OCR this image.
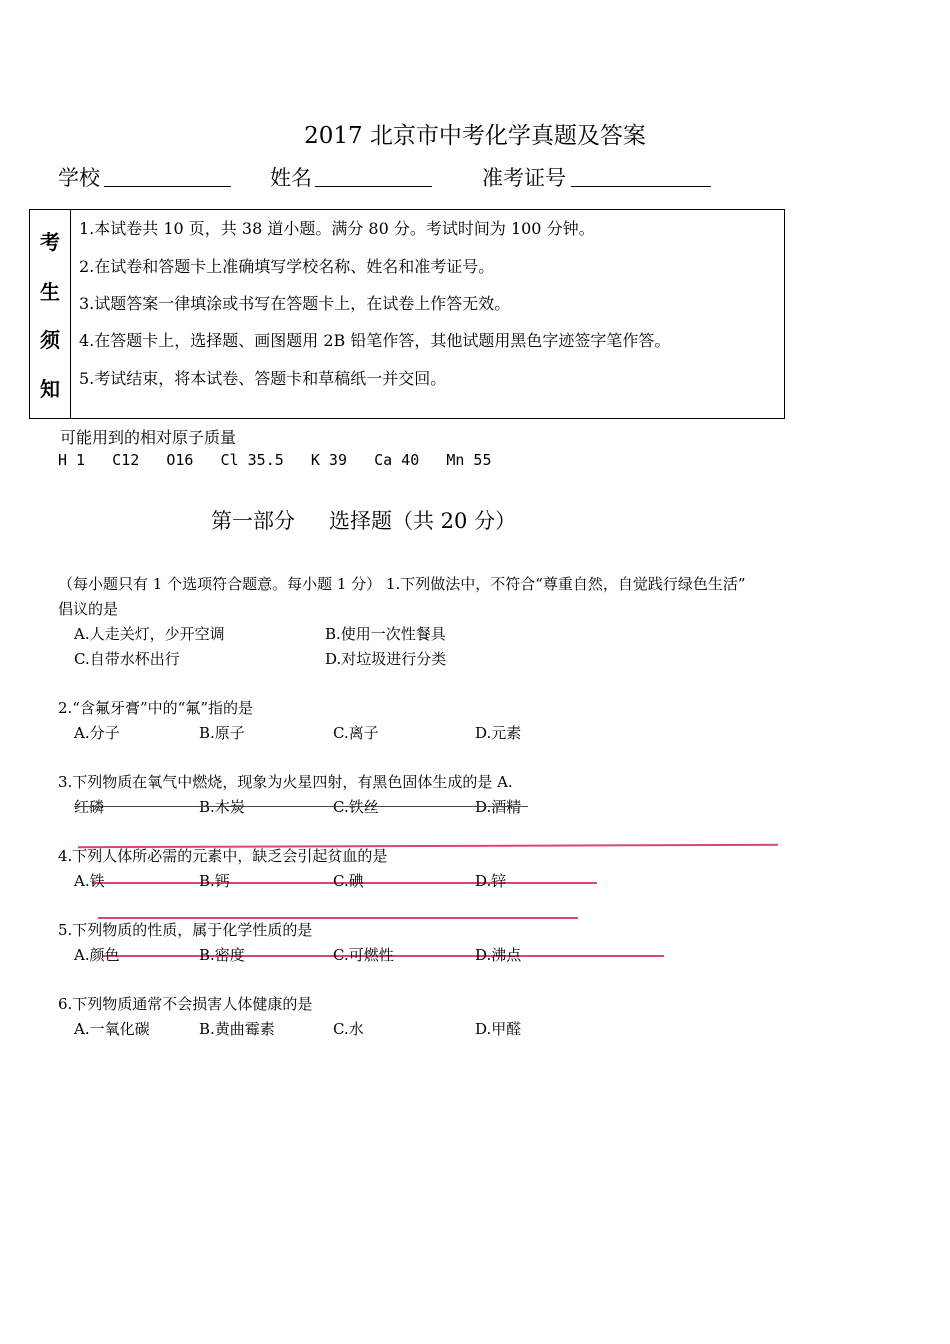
2017 北京市中考化学真题及答案
学校	姓名	准考证号
考
生
须
知
1.本试卷共 10 页，共 38 道小题。满分 80 分。考试时间为 100 分钟。
2.在试卷和答题卡上准确填写学校名称、姓名和准考证号。
3.试题答案一律填涂或书写在答题卡上，在试卷上作答无效。
4.在答题卡上，选择题、画图题用 2B 铅笔作答，其他试题用黑色字迹签字笔作答。
5.考试结束，将本试卷、答题卡和草稿纸一并交回。
可能用到的相对原子质量
H 1   C12   O16   Cl 35.5   K 39   Ca 40   Mn 55
第一部分 选择题（共 20 分）
（每小题只有 1 个选项符合题意。每小题 1 分） 1.下列做法中，不符合“尊重自然，自觉践行绿色生活”
倡议的是
A.人走关灯，少开空调	B.使用一次性餐具
C.自带水杯出行	D.对垃圾进行分类
2.“含氟牙膏”中的“氟”指的是
A.分子	B.原子	C.离子	D.元素
3.下列物质在氧气中燃烧，现象为火星四射，有黑色固体生成的是 A.
红磷	B.木炭	C.铁丝	D.酒精
4.下列人体所必需的元素中，缺乏会引起贫血的是
A.铁	B.钙	C.碘	D.锌
5.下列物质的性质，属于化学性质的是
A.颜色	B.密度	C.可燃性	D.沸点
6.下列物质通常不会损害人体健康的是
A.一氧化碳	B.黄曲霉素	C.水	D.甲醛
